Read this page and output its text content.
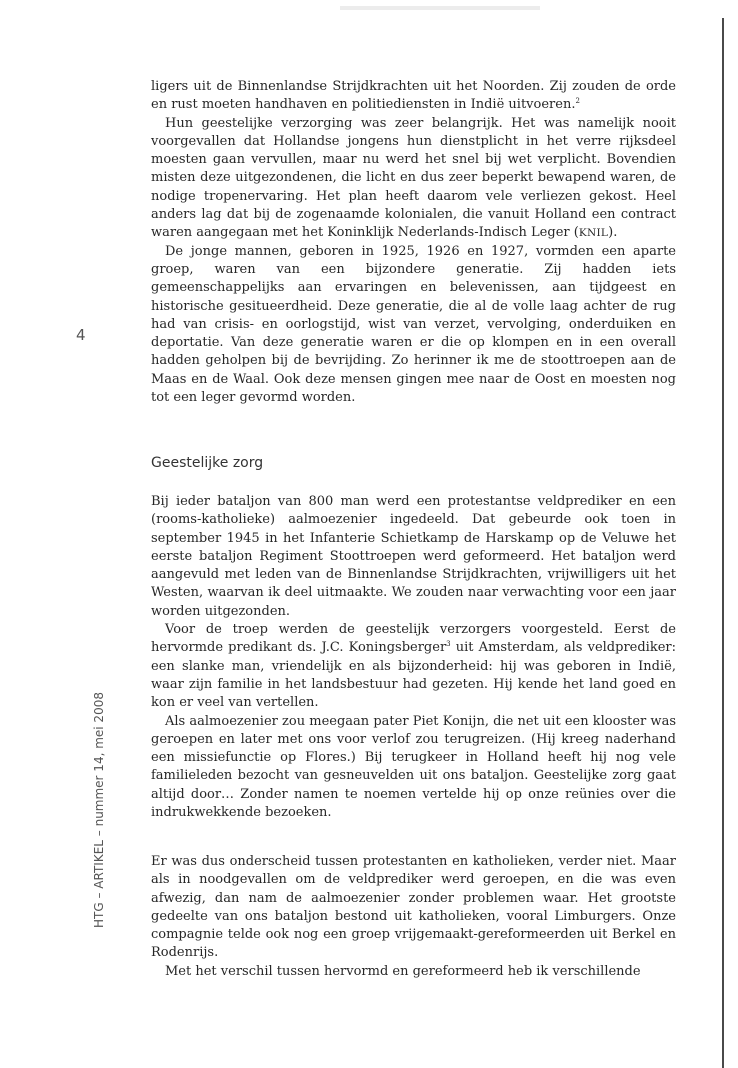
4
HTG – ARTIKEL – nummer 14, mei 2008

ligers uit de Binnenlandse Strijdkrachten uit het Noorden. Zij zouden de orde en rust moeten handhaven en politiediensten in Indië uitvoeren.$^2$

Hun geestelijke verzorging was zeer belangrijk. Het was namelijk nooit voorgevallen dat Hollandse jongens hun dienstplicht in het verre rijksdeel moesten gaan vervullen, maar nu werd het snel bij wet verplicht. Bovendien misten deze uitgezondenen, die licht en dus zeer beperkt bewapend waren, de nodige tropenervaring. Het plan heeft daarom vele verliezen gekost. Heel anders lag dat bij de zogenaamde kolonialen, die vanuit Holland een contract waren aangegaan met het Koninklijk Nederlands-Indisch Leger (KNIL).

De jonge mannen, geboren in 1925, 1926 en 1927, vormden een aparte groep, waren van een bijzondere generatie. Zij hadden iets gemeenschappelijks aan ervaringen en belevenissen, aan tijdgeest en historische gesitueerdheid. Deze generatie, die al de volle laag achter de rug had van crisis- en oorlogstijd, wist van verzet, vervolging, onderduiken en deportatie. Van deze generatie waren er die op klompen en in een overall hadden geholpen bij de bevrijding. Zo herinner ik me de stoottroepen aan de Maas en de Waal. Ook deze mensen gingen mee naar de Oost en moesten nog tot een leger gevormd worden.

Geestelijke zorg

Bij ieder bataljon van 800 man werd een protestantse veldprediker en een (rooms-katholieke) aalmoezenier ingedeeld. Dat gebeurde ook toen in september 1945 in het Infanterie Schietkamp de Harskamp op de Veluwe het eerste bataljon Regiment Stoottroepen werd geformeerd. Het bataljon werd aangevuld met leden van de Binnenlandse Strijdkrachten, vrijwilligers uit het Westen, waarvan ik deel uitmaakte. We zouden naar verwachting voor een jaar worden uitgezonden.

Voor de troep werden de geestelijk verzorgers voorgesteld. Eerst de hervormde predikant ds. J.C. Koningsberger$^3$ uit Amsterdam, als veldprediker: een slanke man, vriendelijk en als bijzonderheid: hij was geboren in Indië, waar zijn familie in het landsbestuur had gezeten. Hij kende het land goed en kon er veel van vertellen.

Als aalmoezenier zou meegaan pater Piet Konijn, die net uit een klooster was geroepen en later met ons voor verlof zou terugreizen. (Hij kreeg naderhand een missiefunctie op Flores.) Bij terugkeer in Holland heeft hij nog vele familieleden bezocht van gesneuvelden uit ons bataljon. Geestelijke zorg gaat altijd door… Zonder namen te noemen vertelde hij op onze reünies over die indrukwekkende bezoeken.

Er was dus onderscheid tussen protestanten en katholieken, verder niet. Maar als in noodgevallen om de veldprediker werd geroepen, en die was even afwezig, dan nam de aalmoezenier zonder problemen waar. Het grootste gedeelte van ons bataljon bestond uit katholieken, vooral Limburgers. Onze compagnie telde ook nog een groep vrijgemaakt-gereformeerden uit Berkel en Rodenrijs.

Met het verschil tussen hervormd en gereformeerd heb ik verschillende
